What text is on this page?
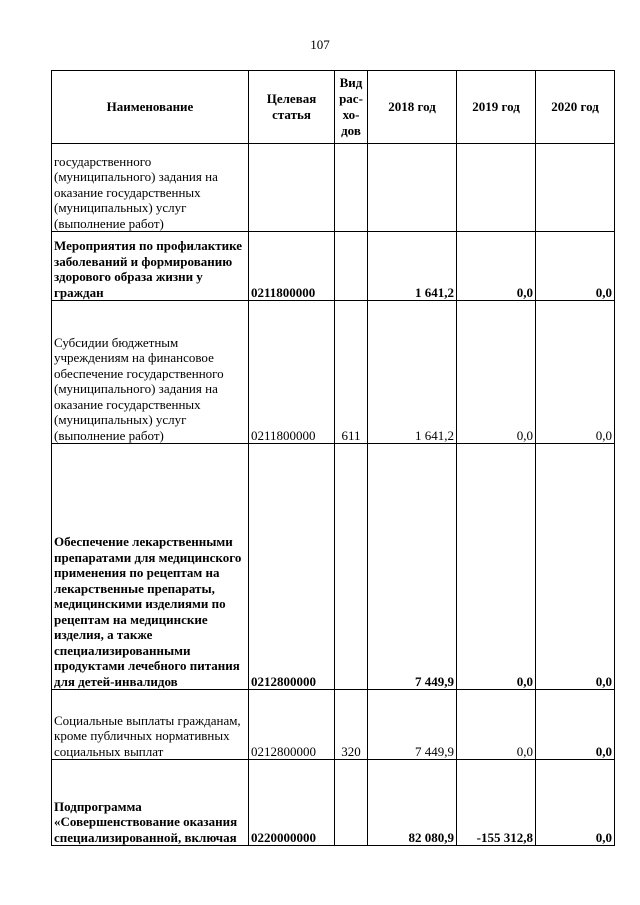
107
Наименование	Целевая статья	Вид рас-хо-дов	2018 год	2019 год	2020 год
государственного (муниципального) задания на оказание государственных (муниципальных) услуг (выполнение работ)					
Мероприятия по профилактике заболеваний и формированию здорового образа жизни у граждан	0211800000		1 641,2	0,0	0,0
Субсидии бюджетным учреждениям на финансовое обеспечение государственного (муниципального) задания на оказание государственных (муниципальных) услуг (выполнение работ)	0211800000	611	1 641,2	0,0	0,0
Обеспечение лекарственными препаратами для медицинского применения по рецептам на лекарственные препараты, медицинскими изделиями по рецептам на медицинские изделия, а также специализированными продуктами лечебного питания для детей-инвалидов	0212800000		7 449,9	0,0	0,0
Социальные выплаты гражданам, кроме публичных нормативных социальных выплат	0212800000	320	7 449,9	0,0	0,0
Подпрограмма «Совершенствование оказания специализированной, включая	0220000000		82 080,9	-155 312,8	0,0
